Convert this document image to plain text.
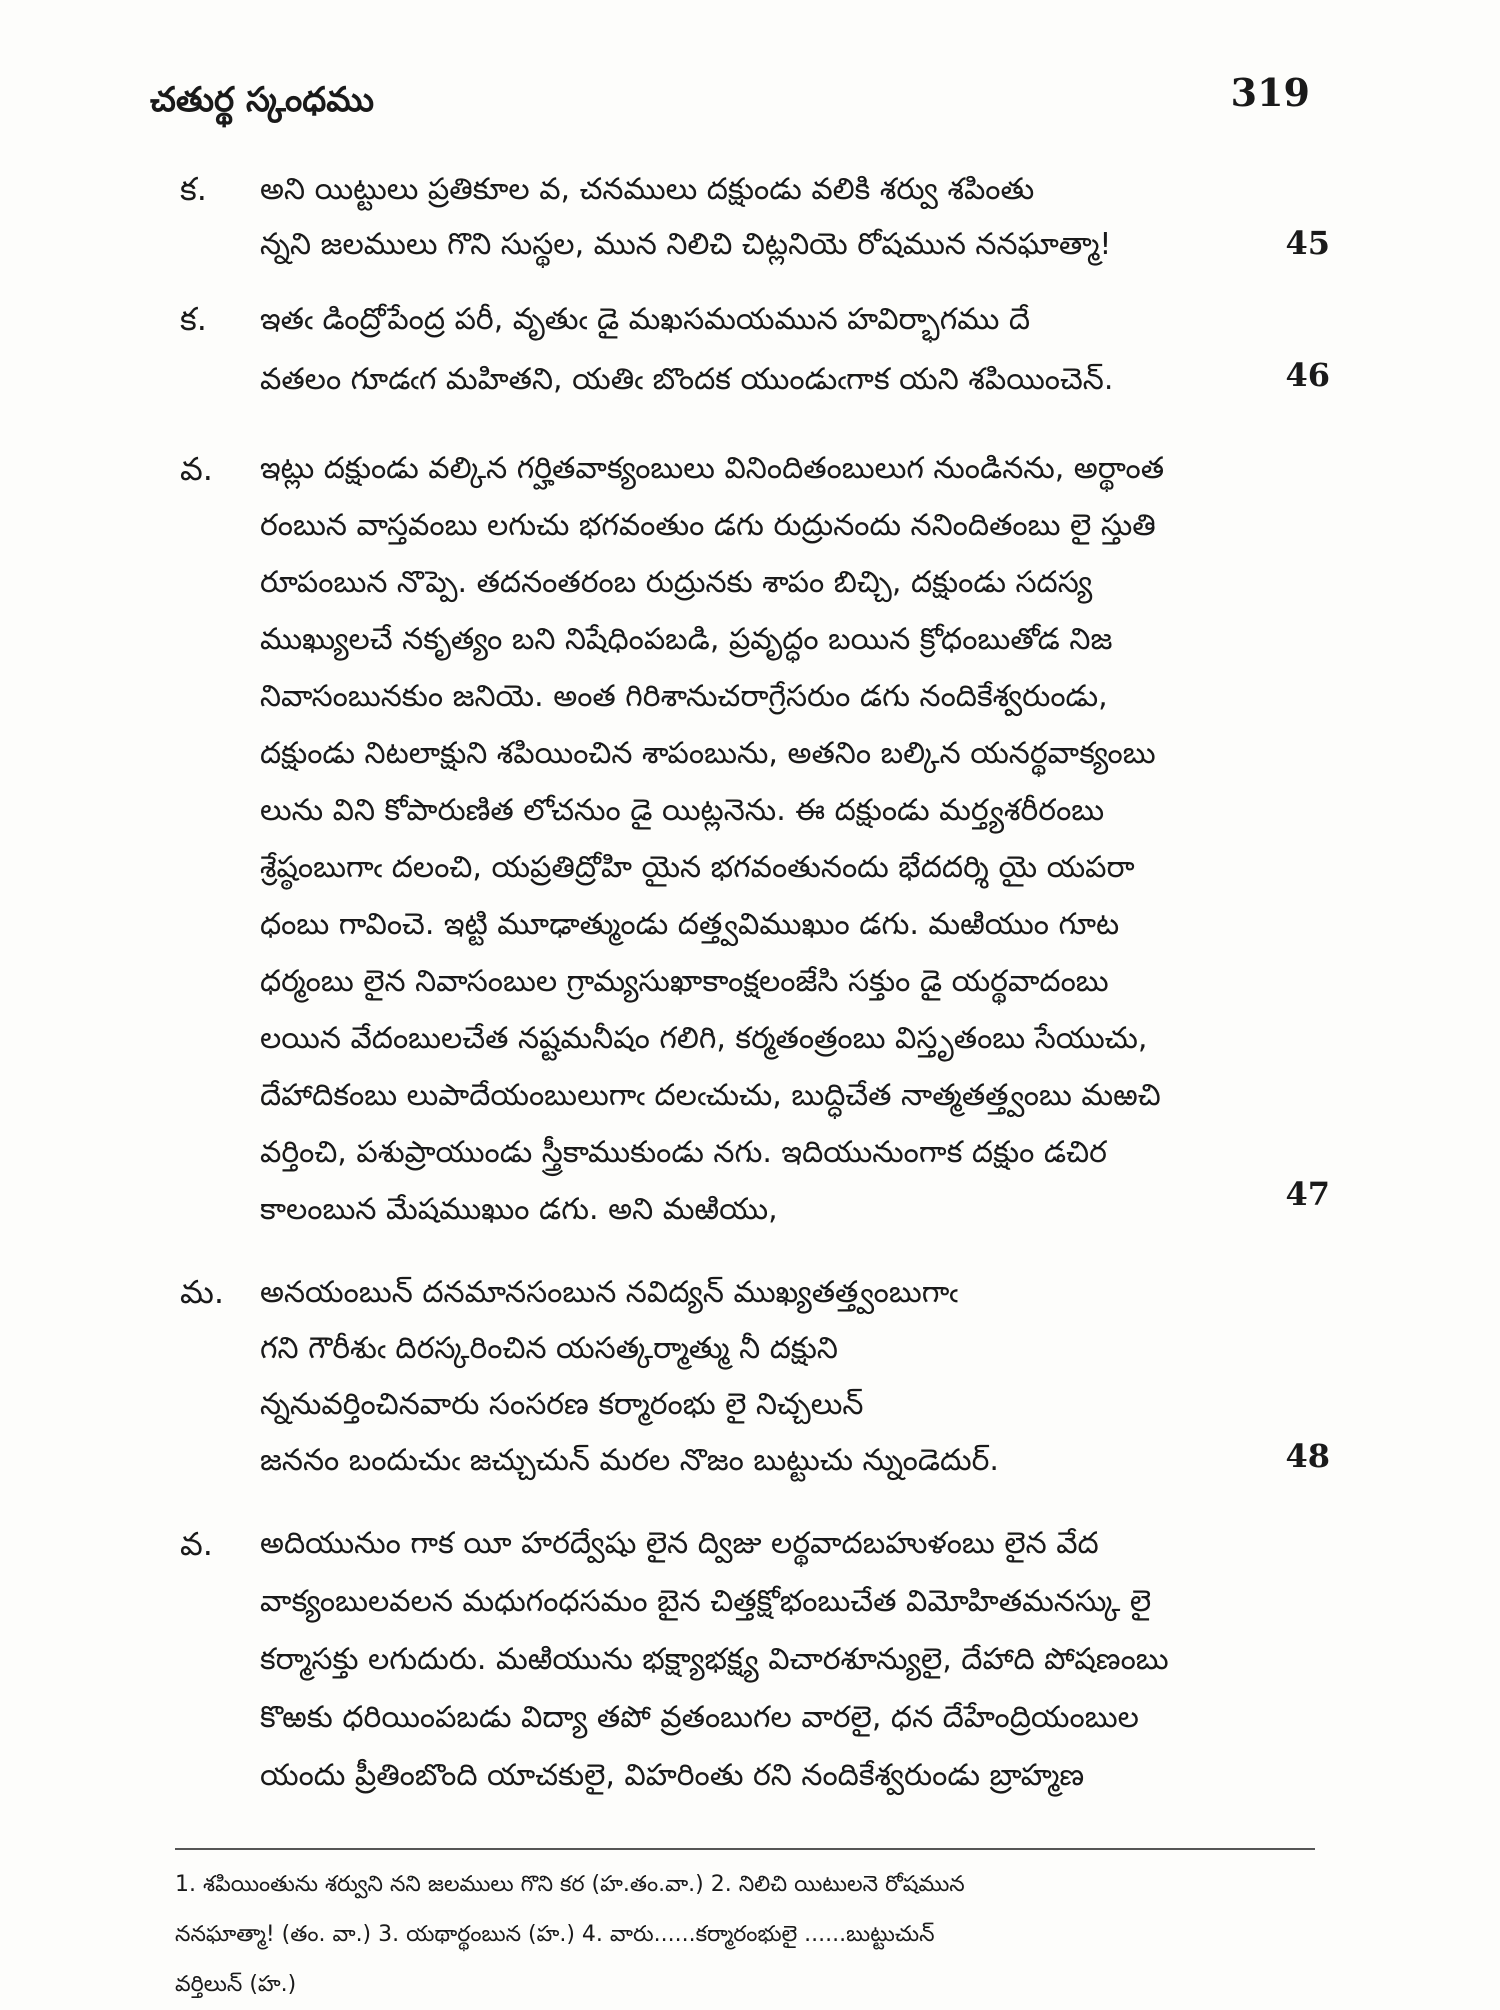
చతుర్థ స్కంధము	319
క. అని యిట్టులు ప్రతికూల వ, చనములు దక్షుండు వలికి శర్వు శపింతు
న్నని జలములు గొని సుస్థల, మున నిలిచి చిట్లనియె రోషమున ననఘాత్మా!	45
క. ఇతఁ డింద్రోపేంద్ర పరీ, వృతుఁ డై మఖసమయమున హవిర్భాగము దే
వతలం గూడఁగ మహితని, యతిఁ బొందక యుండుఁగాక యని శపియించెన్.	46
వ. ఇట్లు దక్షుండు వల్కిన గర్హితవాక్యంబులు వినిందితంబులుగ నుండినను, అర్థాంత
రంబున వాస్తవంబు లగుచు భగవంతుం డగు రుద్రునందు ననిందితంబు లై స్తుతి
రూపంబున నొప్పె. తదనంతరంబ రుద్రునకు శాపం బిచ్చి, దక్షుండు సదస్య
ముఖ్యులచే నకృత్యం బని నిషేధింపబడి, ప్రవృద్ధం బయిన క్రోధంబుతోడ నిజ
నివాసంబునకుం జనియె. అంత గిరిశానుచరాగ్రేసరుం డగు నందికేశ్వరుండు,
దక్షుండు నిటలాక్షుని శపియించిన శాపంబును, అతనిం బల్కిన యనర్థవాక్యంబు
లును విని కోపారుణిత లోచనుం డై యిట్లనెను. ఈ దక్షుండు మర్త్యశరీరంబు
శ్రేష్ఠంబుగాఁ దలంచి, యప్రతిద్రోహి యైన భగవంతునందు భేదదర్శి యై యపరా
ధంబు గావించె. ఇట్టి మూఢాత్ముండు దత్త్వవిముఖుం డగు. మఱియుం గూట
ధర్మంబు లైన నివాసంబుల గ్రామ్యసుఖాకాంక్షలంజేసి సక్తుం డై యర్థవాదంబు
లయిన వేదంబులచేత నష్టమనీషం గలిగి, కర్మతంత్రంబు విస్తృతంబు సేయుచు,
దేహాదికంబు లుపాదేయంబులుగాఁ దలఁచుచు, బుద్ధిచేత నాత్మతత్త్వంబు మఱచి
వర్తించి, పశుప్రాయుండు స్త్రీకాముకుండు నగు. ఇదియునుంగాక దక్షుం డచిర
కాలంబున మేషముఖుం డగు. అని మఱియు,	47
మ. అనయంబున్ దనమానసంబున నవిద్యన్ ముఖ్యతత్త్వంబుగాఁ
గని గౌరీశుఁ దిరస్కరించిన యసత్కర్మాత్ము నీ దక్షుని
న్ననువర్తించినవారు సంసరణ కర్మారంభు లై నిచ్చలున్
జననం బందుచుఁ జచ్చుచున్ మరల నొజం బుట్టుచు న్నుండెదుర్.	48
వ. అదియునుం గాక యీ హరద్వేషు లైన ద్విజు లర్థవాదబహుళంబు లైన వేద
వాక్యంబులవలన మధుగంధసమం బైన చిత్తక్షోభంబుచేత విమోహితమనస్కు లై
కర్మాసక్తు లగుదురు. మఱియును భక్ష్యాభక్ష్య విచారశూన్యులై, దేహాది పోషణంబు
కొఱకు ధరియింపబడు విద్యా తపో వ్రతంబుగల వారలై, ధన దేహేంద్రియంబుల
యందు ప్రీతింబొంది యాచకులై, విహరింతు రని నందికేశ్వరుండు బ్రాహ్మణ
1. శపియింతును శర్వుని నని జలములు గొని కర (హ.తం.వా.) 2. నిలిచి యిటులనె రోషమున
ననఘాత్మా! (తం. వా.) 3. యథార్థంబున (హ.) 4. వారు......కర్మారంభులై ......బుట్టుచున్
వర్తిలున్ (హ.)
